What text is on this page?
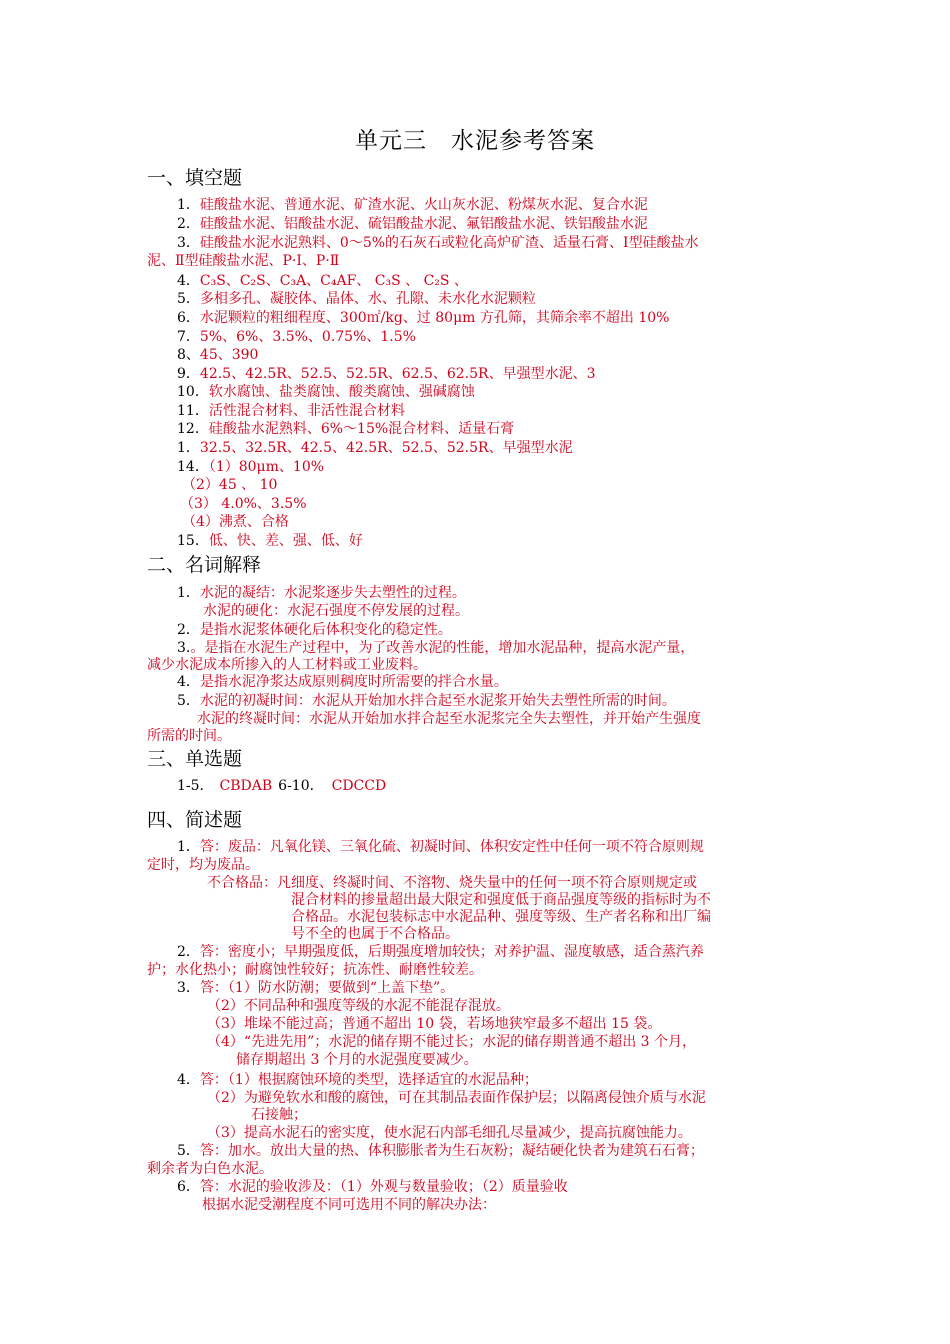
单元三　水泥参考答案
一、填空题
1．硅酸盐水泥、普通水泥、矿渣水泥、火山灰水泥、粉煤灰水泥、复合水泥
2．硅酸盐水泥、铝酸盐水泥、硫铝酸盐水泥、氟铝酸盐水泥、铁铝酸盐水泥
3．硅酸盐水泥水泥熟料、0～5%的石灰石或粒化高炉矿渣、适量石膏、Ⅰ型硅酸盐水
泥、Ⅱ型硅酸盐水泥、P·Ⅰ、P·Ⅱ
4．C₃S、C₂S、C₃A、C₄AF、 C₃S 、 C₂S 、
5．多相多孔、凝胶体、晶体、水、孔隙、未水化水泥颗粒
6．水泥颗粒的粗细程度、300㎡/kg、过 80μm 方孔筛，其筛余率不超出 10%
7．5%、6%、3.5%、0.75%、1.5%
8、45、390
9．42.5、42.5R、52.5、52.5R、62.5、62.5R、早强型水泥、3
10．软水腐蚀、盐类腐蚀、酸类腐蚀、强碱腐蚀
11．活性混合材料、非活性混合材料
12．硅酸盐水泥熟料、6%～15%混合材料、适量石膏
1．32.5、32.5R、42.5、42.5R、52.5、52.5R、早强型水泥
14．（1）80μm、10%
（2）45 、 10
（3） 4.0%、3.5%
（4）沸煮、合格
15．低、快、差、强、低、好
二、名词解释
1．水泥的凝结：水泥浆逐步失去塑性的过程。
水泥的硬化：水泥石强度不停发展的过程。
2．是指水泥浆体硬化后体积变化的稳定性。
3.。是指在水泥生产过程中，为了改善水泥的性能，增加水泥品种，提高水泥产量，
减少水泥成本所掺入的人工材料或工业废料。
4．是指水泥净浆达成原则稠度时所需要的拌合水量。
5．水泥的初凝时间：水泥从开始加水拌合起至水泥浆开始失去塑性所需的时间。
水泥的终凝时间：水泥从开始加水拌合起至水泥浆完全失去塑性，并开始产生强度
所需的时间。
三、单选题
1-5． CBDAB 6-10． CDCCD
四、简述题
1．答：废品：凡氧化镁、三氧化硫、初凝时间、体积安定性中任何一项不符合原则规
定时，均为废品。
不合格品：凡细度、终凝时间、不溶物、烧失量中的任何一项不符合原则规定或
混合材料的掺量超出最大限定和强度低于商品强度等级的指标时为不
合格品。水泥包装标志中水泥品种、强度等级、生产者名称和出厂编
号不全的也属于不合格品。
2．答：密度小；早期强度低，后期强度增加较快；对养护温、湿度敏感，适合蒸汽养
护；水化热小；耐腐蚀性较好；抗冻性、耐磨性较差。
3．答：（1）防水防潮；要做到“上盖下垫”。
（2）不同品种和强度等级的水泥不能混存混放。
（3）堆垛不能过高；普通不超出 10 袋，若场地狭窄最多不超出 15 袋。
（4）“先进先用”；水泥的储存期不能过长；水泥的储存期普通不超出 3 个月，
储存期超出 3 个月的水泥强度要减少。
4．答：（1）根据腐蚀环境的类型，选择适宜的水泥品种；
（2）为避免软水和酸的腐蚀，可在其制品表面作保护层；以隔离侵蚀介质与水泥
石接触；
（3）提高水泥石的密实度，使水泥石内部毛细孔尽量减少，提高抗腐蚀能力。
5．答：加水。放出大量的热、体积膨胀者为生石灰粉；凝结硬化快者为建筑石石膏；
剩余者为白色水泥。
6．答：水泥的验收涉及：（1）外观与数量验收；（2）质量验收
根据水泥受潮程度不同可选用不同的解决办法：
